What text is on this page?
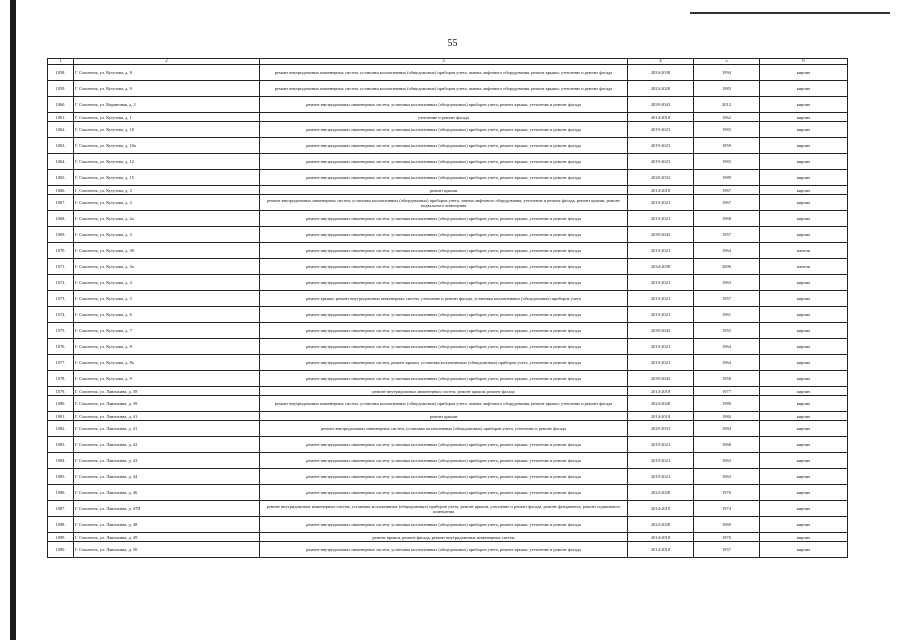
55
1	2	3	4	5	6
1058.	Г. Смоленск, ул. Кутузова, д. 8	ремонт внутридомовых инженерных систем, установка коллективных (общедомовых) приборов учета, замена лифтового оборудования, ремонт крыши, утепление и ремонт фасада	2034-2038	1994	кирпич
1059.	Г. Смоленск, ул. Кутузова, д. 9	ремонт внутридомовых инженерных систем, установка коллективных (общедомовых) приборов учета, замена лифтового оборудования, ремонт крыши, утепление и ремонт фасада	2024-2028	1983	кирпич
1060.	Г. Смоленск, ул. Кирпичная, д. 2	ремонт внутридомовых инженерных систем, установка коллективных (общедомовых) приборов учета, ремонт крыши, утепление и ремонт фасада	2039-2043	2012	кирпич
1061.	Г. Смоленск, ул. Кутузова, д. 1	утепление и ремонт фасада	2014-2018	1962	кирпич
1062.	Г. Смоленск, ул. Кутузова, д. 10	ремонт внутридомовых инженерных систем, установка коллективных (общедомовых) приборов учета, ремонт крыши, утепление и ремонт фасада	2019-2023	1965	кирпич
1063.	Г. Смоленск, ул. Кутузова, д. 10а	ремонт внутридомовых инженерных систем, установка коллективных (общедомовых) приборов учета, ремонт крыши, утепление и ремонт фасада	2019-2023	1959	кирпич
1064.	Г. Смоленск, ул. Кутузова, д. 12	ремонт внутридомовых инженерных систем, установка коллективных (общедомовых) приборов учета, ремонт крыши, утепление и ремонт фасада	2019-2023	1965	кирпич
1065.	Г. Смоленск, ул. Кутузова, д. 15	ремонт внутридомовых инженерных систем, установка коллективных (общедомовых) приборов учета, ремонт крыши, утепление и ремонт фасада	2020-2033	1989	кирпич
1066.	Г. Смоленск, ул. Кутузова, д. 2	ремонт крыши	2014-2018	1967	кирпич
1067.	Г. Смоленск, ул. Кутузова, д. 2	ремонт внутридомовых инженерных систем, установка коллективных (общедомовых) приборов учета, замена лифтового оборудования, утепление и ремонт фасада, ремонт крыши, ремонт подвального помещения	2019-2023	1967	кирпич
1068.	Г. Смоленск, ул. Кутузова, д. 2а	ремонт внутридомовых инженерных систем, установка коллективных (общедомовых) приборов учета, ремонт крыши, утепление и ремонт фасада	2019-2023	1968	кирпич
1069.	Г. Смоленск, ул. Кутузова, д. 3	ремонт внутридомовых инженерных систем, установка коллективных (общедомовых) приборов учета, ремонт крыши, утепление и ремонт фасада	2039-2043	1957	кирпич
1070.	Г. Смоленск, ул. Кутузова, д. 30	ремонт внутридомовых инженерных систем, установка коллективных (общедомовых) приборов учета, ремонт крыши, утепление и ремонт фасада	2019-2023	1964	панели
1071.	Г. Смоленск, ул. Кутузова, д. 3а	ремонт внутридомовых инженерных систем, установка коллективных (общедомовых) приборов учета, ремонт крыши, утепление и ремонт фасада	2034-2038	2006	панели
1072.	Г. Смоленск, ул. Кутузова, д. 4	ремонт внутридомовых инженерных систем, установка коллективных (общедомовых) приборов учета, ремонт крыши, утепление и ремонт фасада	2019-2023	1963	кирпич
1073.	Г. Смоленск, ул. Кутузова, д. 5	ремонт крыши, ремонт внутридомовых инженерных систем, утепление и ремонт фасада, установка коллективных (общедомовых) приборов учета	2019-2023	1957	кирпич
1074.	Г. Смоленск, ул. Кутузова, д. 6	ремонт внутридомовых инженерных систем, установка коллективных (общедомовых) приборов учета, ремонт крыши, утепление и ремонт фасада	2019-2023	1961	кирпич
1075.	Г. Смоленск, ул. Кутузова, д. 7	ремонт внутридомовых инженерных систем, установка коллективных (общедомовых) приборов учета, ремонт крыши, утепление и ремонт фасада	2039-2043	1955	кирпич
1076.	Г. Смоленск, ул. Кутузова, д. 8	ремонт внутридомовых инженерных систем, установка коллективных (общедомовых) приборов учета, ремонт крыши, утепление и ремонт фасада	2019-2023	1964	кирпич
1077.	Г. Смоленск, ул. Кутузова, д. 8а	ремонт внутридомовых инженерных систем, ремонт крыши, установка коллективных (общедомовых) приборов учета, утепление и ремонт фасада	2019-2023	1964	кирпич
1078.	Г. Смоленск, ул. Кутузова, д. 9	ремонт внутридомовых инженерных систем, установка коллективных (общедомовых) приборов учета, ремонт крыши, утепление и ремонт фасада	2039-2043	1958	кирпич
1079.	Г. Смоленск, ул. Лавочкина, д. 38	ремонт внутридомовых инженерных систем, ремонт крыши, ремонт фасада	2014-2018	1977	кирпич
1080.	Г. Смоленск, ул. Лавочкина, д. 39	ремонт внутридомовых инженерных систем, установка коллективных (общедомовых) приборов учета, замена лифтового оборудования, ремонт крыши, утепление и ремонт фасада	2024-2028	1980	кирпич
1081.	Г. Смоленск, ул. Лавочкина, д. 41	ремонт крыши	2014-2018	1984	кирпич
1082.	Г. Смоленск, ул. Лавочкина, д. 41	ремонт внутридомовых инженерных систем, установка коллективных (общедомовых) приборов учета, утепление и ремонт фасада	2029-2033	1984	кирпич
1083.	Г. Смоленск, ул. Лавочкина, д. 42	ремонт внутридомовых инженерных систем, установка коллективных (общедомовых) приборов учета, ремонт крыши, утепление и ремонт фасада	2019-2023	1968	кирпич
1084.	Г. Смоленск, ул. Лавочкина, д. 43	ремонт внутридомовых инженерных систем, установка коллективных (общедомовых) приборов учета, ремонт крыши, утепление и ремонт фасада	2019-2023	1963	кирпич
1085.	Г. Смоленск, ул. Лавочкина, д. 44	ремонт внутридомовых инженерных систем, установка коллективных (общедомовых) приборов учета, ремонт крыши, утепление и ремонт фасада	2019-2023	1963	кирпич
1086.	Г. Смоленск, ул. Лавочкина, д. 46	ремонт внутридомовых инженерных систем, установка коллективных (общедомовых) приборов учета, ремонт крыши, утепление и ремонт фасада	2024-2028	1970	кирпич
1087.	Г. Смоленск, ул. Лавочкина, д. 47П	ремонт внутридомовых инженерных систем, установка коллективных (общедомовых) приборов учета, ремонт крыши, утепление и ремонт фасада, ремонт фундамента, ремонт подвального помещения	2014-2018	1974	кирпич
1088.	Г. Смоленск, ул. Лавочкина, д. 48	ремонт внутридомовых инженерных систем, установка коллективных (общедомовых) приборов учета, ремонт крыши, утепление и ремонт фасада	2024-2028	1969	кирпич
1089.	Г. Смоленск, ул. Лавочкина, д. 49	ремонт крыши, ремонт фасада, ремонт внутридомовых инженерных систем	2014-2018	1970	кирпич
1090.	Г. Смоленск, ул. Лавочкина, д. 50	ремонт внутридомовых инженерных систем, установка коллективных (общедомовых) приборов учета, ремонт крыши, утепление и ремонт фасада	2014-2018	1957	кирпич
